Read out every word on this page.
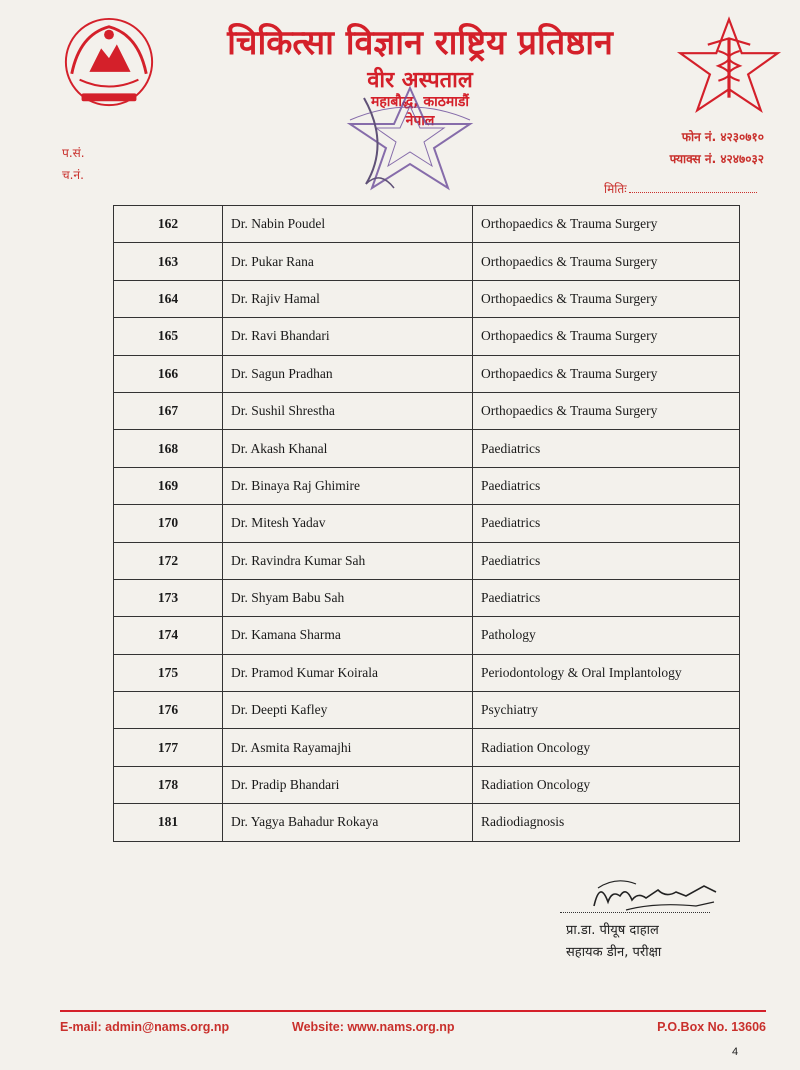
चिकित्सा विज्ञान राष्ट्रिय प्रतिष्ठान
वीर अस्पताल
महाबौद्ध, काठमाडौं
नेपाल
प.सं.
च.नं.
फोन नं. ४२३०७१०
फ्याक्स नं. ४२४७०३२
मितिः
162	Dr. Nabin Poudel	Orthopaedics & Trauma Surgery
163	Dr. Pukar Rana	Orthopaedics & Trauma Surgery
164	Dr. Rajiv Hamal	Orthopaedics & Trauma Surgery
165	Dr. Ravi Bhandari	Orthopaedics & Trauma Surgery
166	Dr. Sagun Pradhan	Orthopaedics & Trauma Surgery
167	Dr. Sushil Shrestha	Orthopaedics & Trauma Surgery
168	Dr. Akash Khanal	Paediatrics
169	Dr. Binaya Raj Ghimire	Paediatrics
170	Dr. Mitesh Yadav	Paediatrics
172	Dr. Ravindra Kumar Sah	Paediatrics
173	Dr. Shyam Babu Sah	Paediatrics
174	Dr. Kamana Sharma	Pathology
175	Dr. Pramod Kumar Koirala	Periodontology & Oral Implantology
176	Dr. Deepti Kafley	Psychiatry
177	Dr. Asmita Rayamajhi	Radiation Oncology
178	Dr. Pradip Bhandari	Radiation Oncology
181	Dr. Yagya Bahadur Rokaya	Radiodiagnosis
प्रा.डा. पीयूष दाहाल
सहायक डीन, परीक्षा
E-mail: admin@nams.org.np	Website: www.nams.org.np	P.O.Box No. 13606
4
